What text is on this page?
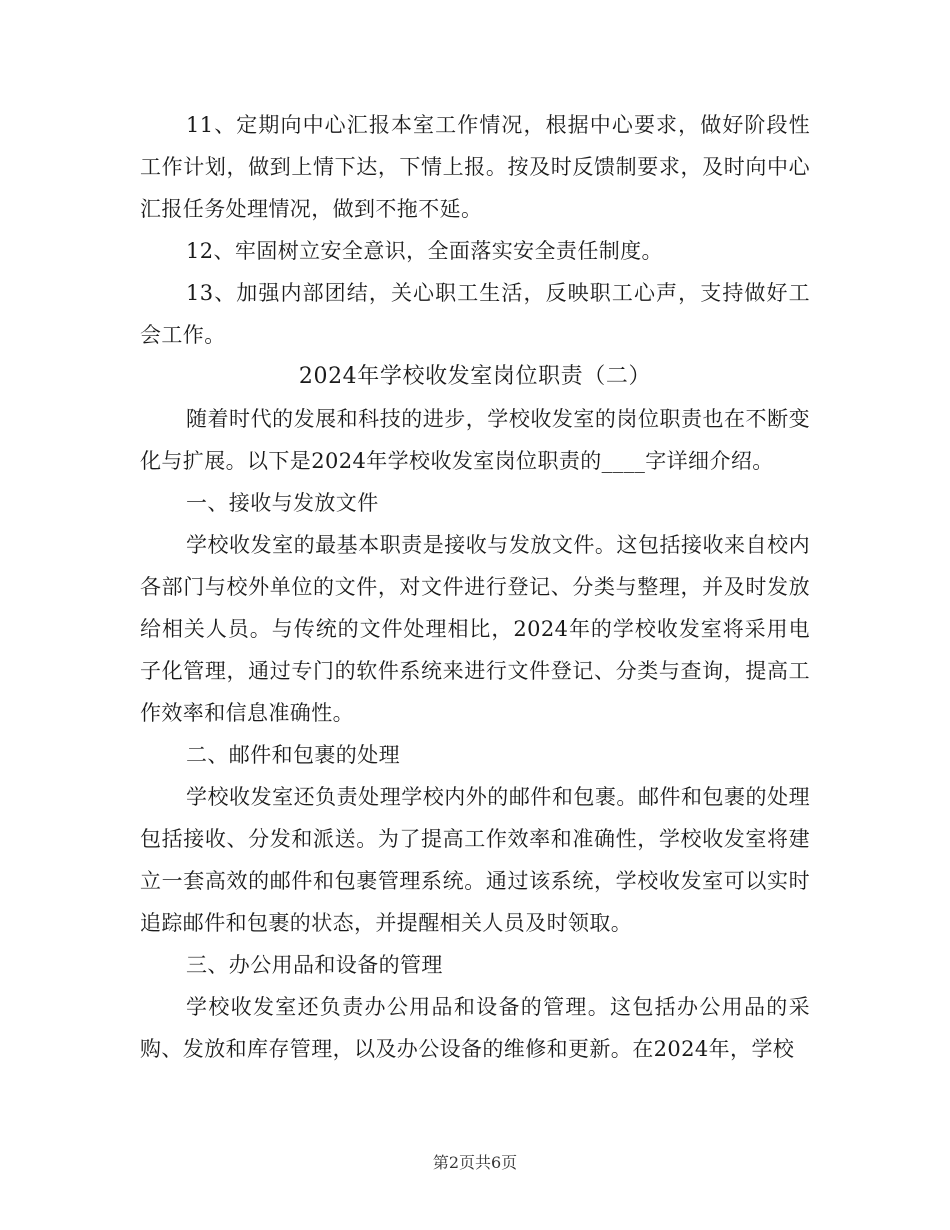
11、定期向中心汇报本室工作情况，根据中心要求，做好阶段性工作计划，做到上情下达，下情上报。按及时反馈制要求，及时向中心汇报任务处理情况，做到不拖不延。

12、牢固树立安全意识，全面落实安全责任制度。

13、加强内部团结，关心职工生活，反映职工心声，支持做好工会工作。

2024年学校收发室岗位职责（二）

随着时代的发展和科技的进步，学校收发室的岗位职责也在不断变化与扩展。以下是2024年学校收发室岗位职责的____字详细介绍。

一、接收与发放文件

学校收发室的最基本职责是接收与发放文件。这包括接收来自校内各部门与校外单位的文件，对文件进行登记、分类与整理，并及时发放给相关人员。与传统的文件处理相比，2024年的学校收发室将采用电子化管理，通过专门的软件系统来进行文件登记、分类与查询，提高工作效率和信息准确性。

二、邮件和包裹的处理

学校收发室还负责处理学校内外的邮件和包裹。邮件和包裹的处理包括接收、分发和派送。为了提高工作效率和准确性，学校收发室将建立一套高效的邮件和包裹管理系统。通过该系统，学校收发室可以实时追踪邮件和包裹的状态，并提醒相关人员及时领取。

三、办公用品和设备的管理

学校收发室还负责办公用品和设备的管理。这包括办公用品的采购、发放和库存管理，以及办公设备的维修和更新。在2024年，学校

第2页共6页
